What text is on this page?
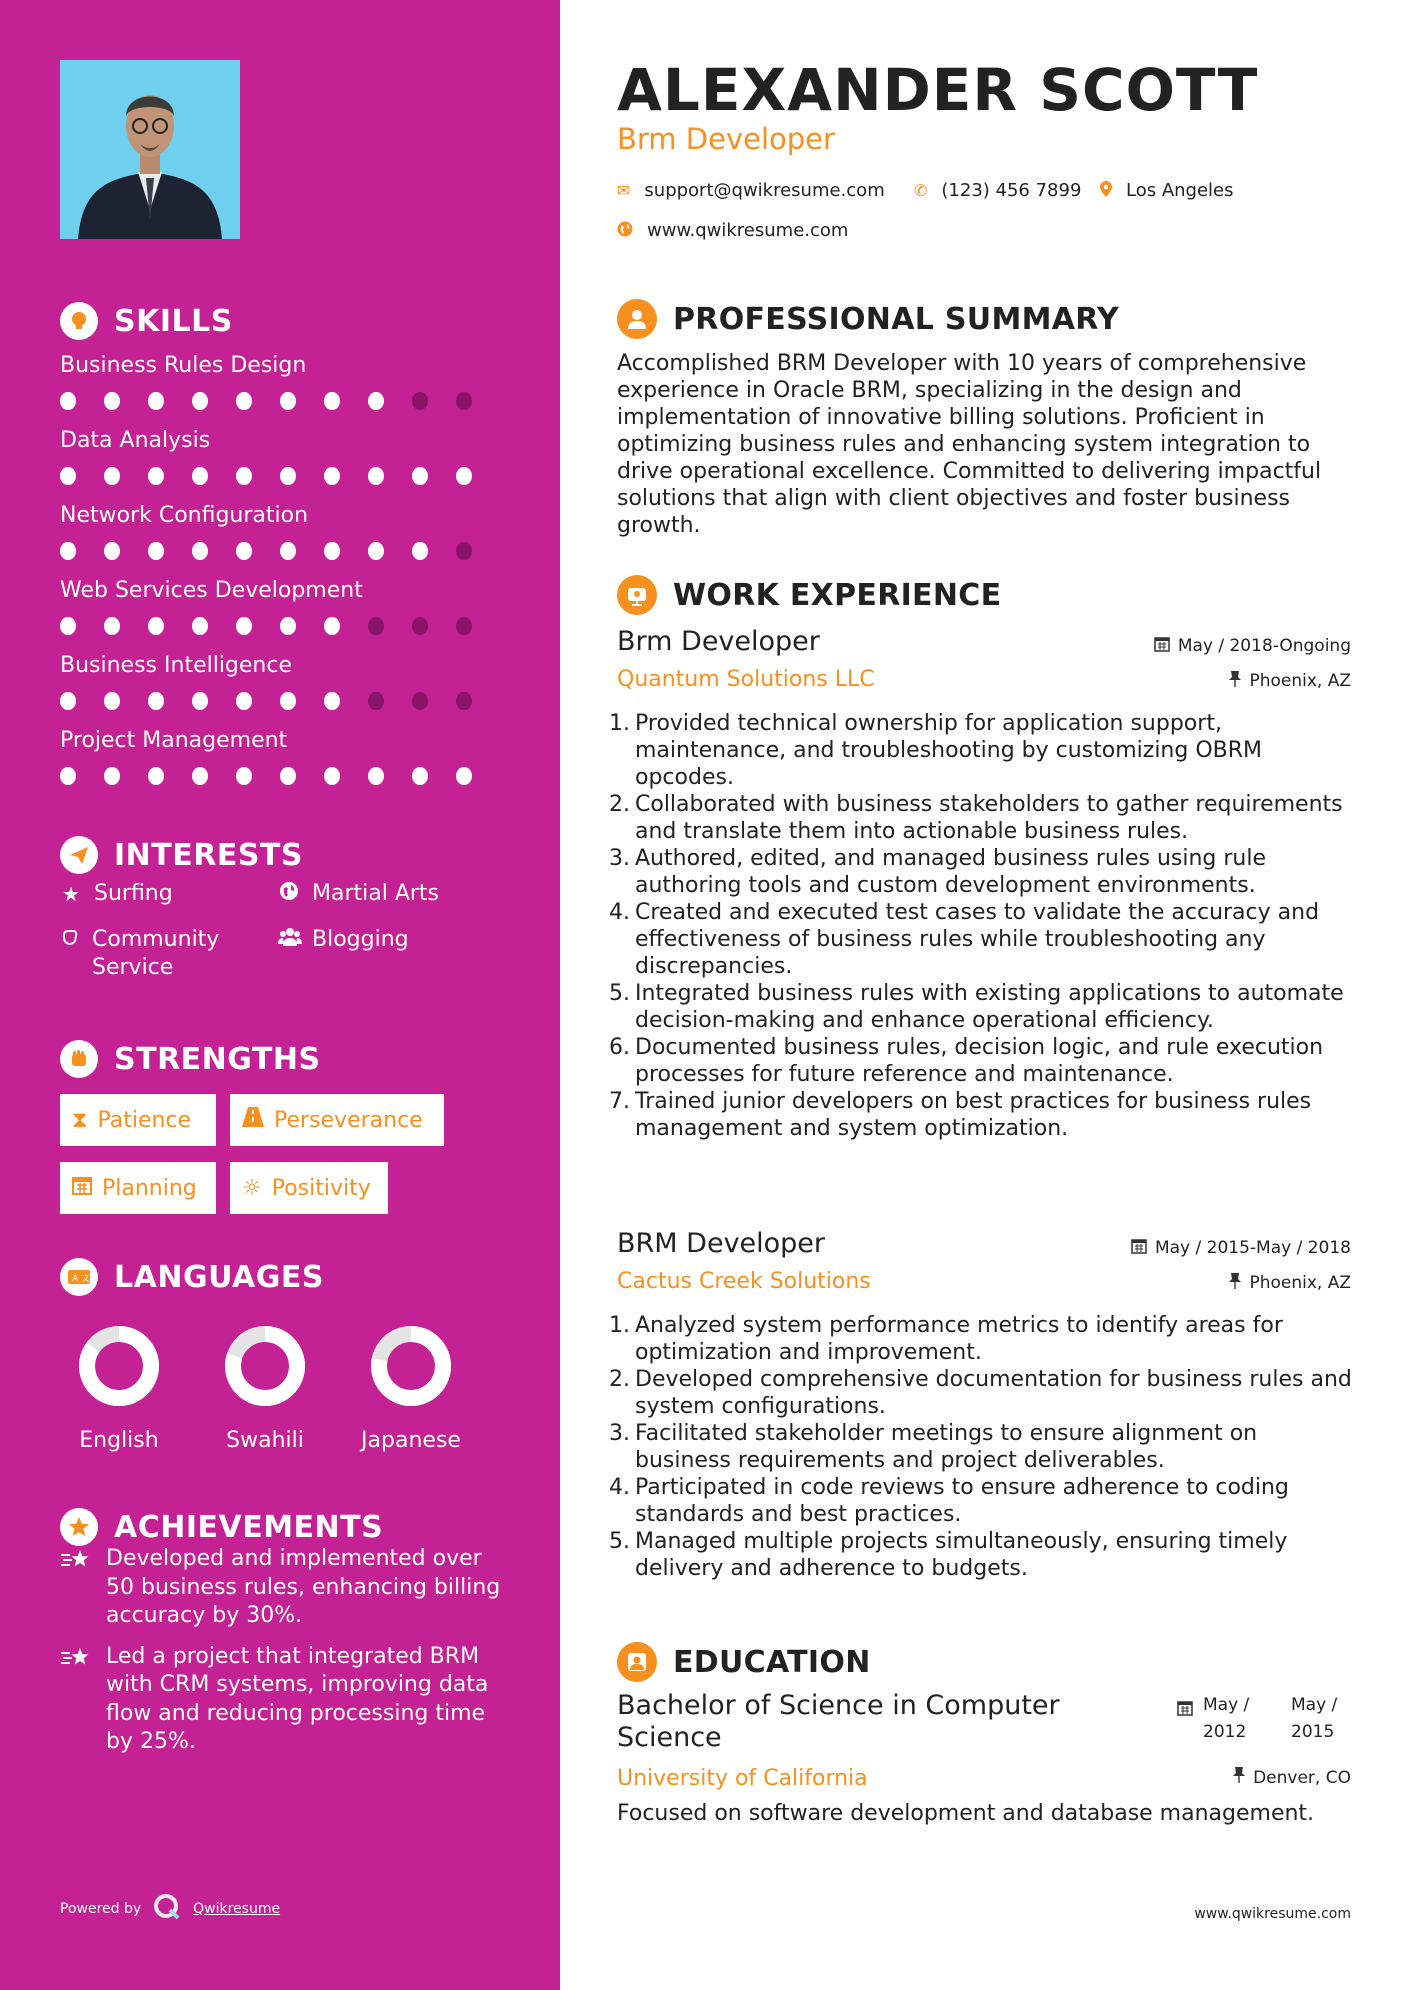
SKILLS
Business Rules Design
Data Analysis
Network Configuration
Web Services Development
Business Intelligence
Project Management
INTERESTS
★ Surfing	Martial Arts
Community Service
Blogging
STRENGTHS
⧗ Patience	Perseverance
Planning ☼ Positivity
A 文 LANGUAGES
English	Swahili	Japanese
ACHIEVEMENTS
Developed and implemented over 50 business rules, enhancing billing accuracy by 30%.
Led a project that integrated BRM with CRM systems, improving data flow and reducing processing time by 25%.
Powered by	Qwikresume
ALEXANDER SCOTT
Brm Developer
✉ support@qwikresume.com ✆ (123) 456 7899 Los Angeles
www.qwikresume.com
PROFESSIONAL SUMMARY
Accomplished BRM Developer with 10 years of comprehensive experience in Oracle BRM, specializing in the design and implementation of innovative billing solutions. Proficient in optimizing business rules and enhancing system integration to drive operational excellence. Committed to delivering impactful solutions that align with client objectives and foster business growth.
WORK EXPERIENCE
Brm Developer
Quantum Solutions LLC
May / 2018-Ongoing
Phoenix, AZ
1. Provided technical ownership for application support, maintenance, and troubleshooting by customizing OBRM opcodes.
2. Collaborated with business stakeholders to gather requirements and translate them into actionable business rules.
3. Authored, edited, and managed business rules using rule authoring tools and custom development environments.
4. Created and executed test cases to validate the accuracy and effectiveness of business rules while troubleshooting any discrepancies.
5. Integrated business rules with existing applications to automate decision-making and enhance operational efficiency.
6. Documented business rules, decision logic, and rule execution processes for future reference and maintenance.
7. Trained junior developers on best practices for business rules management and system optimization.
BRM Developer
Cactus Creek Solutions
May / 2015-May / 2018
Phoenix, AZ
1. Analyzed system performance metrics to identify areas for optimization and improvement.
2. Developed comprehensive documentation for business rules and system configurations.
3. Facilitated stakeholder meetings to ensure alignment on business requirements and project deliverables.
4. Participated in code reviews to ensure adherence to coding standards and best practices.
5. Managed multiple projects simultaneously, ensuring timely delivery and adherence to budgets.
EDUCATION
Bachelor of Science in Computer Science
University of California
Focused on software development and database management.
May / 2012
May / 2015
Denver, CO
www.qwikresume.com
